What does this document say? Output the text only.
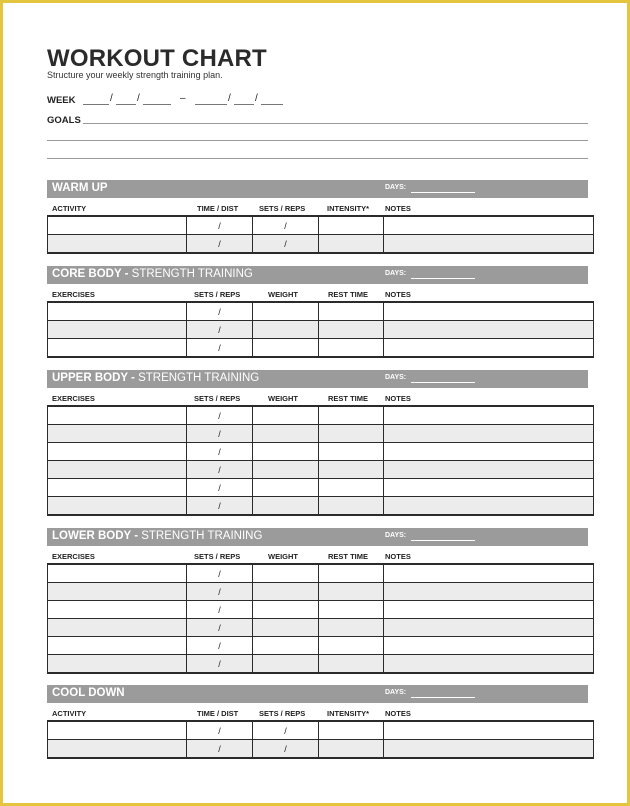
WORKOUT CHART
Structure your weekly strength training plan.
WEEK	/ /	–	/ /
GOALS
WARM UP	DAYS:
ACTIVITY	TIME / DIST	SETS / REPS	INTENSITY* NOTES
	/	/		
	/	/		
CORE BODY - STRENGTH TRAINING	DAYS:
EXERCISES	SETS / REPS	WEIGHT	REST TIME NOTES
	/			
	/			
	/			
UPPER BODY - STRENGTH TRAINING	DAYS:
EXERCISES	SETS / REPS	WEIGHT	REST TIME NOTES
	/			
	/			
	/			
	/			
	/			
	/			
LOWER BODY - STRENGTH TRAINING	DAYS:
EXERCISES	SETS / REPS	WEIGHT	REST TIME NOTES
	/			
	/			
	/			
	/			
	/			
	/			
COOL DOWN	DAYS:
ACTIVITY	TIME / DIST	SETS / REPS	INTENSITY* NOTES
	/	/		
	/	/		
